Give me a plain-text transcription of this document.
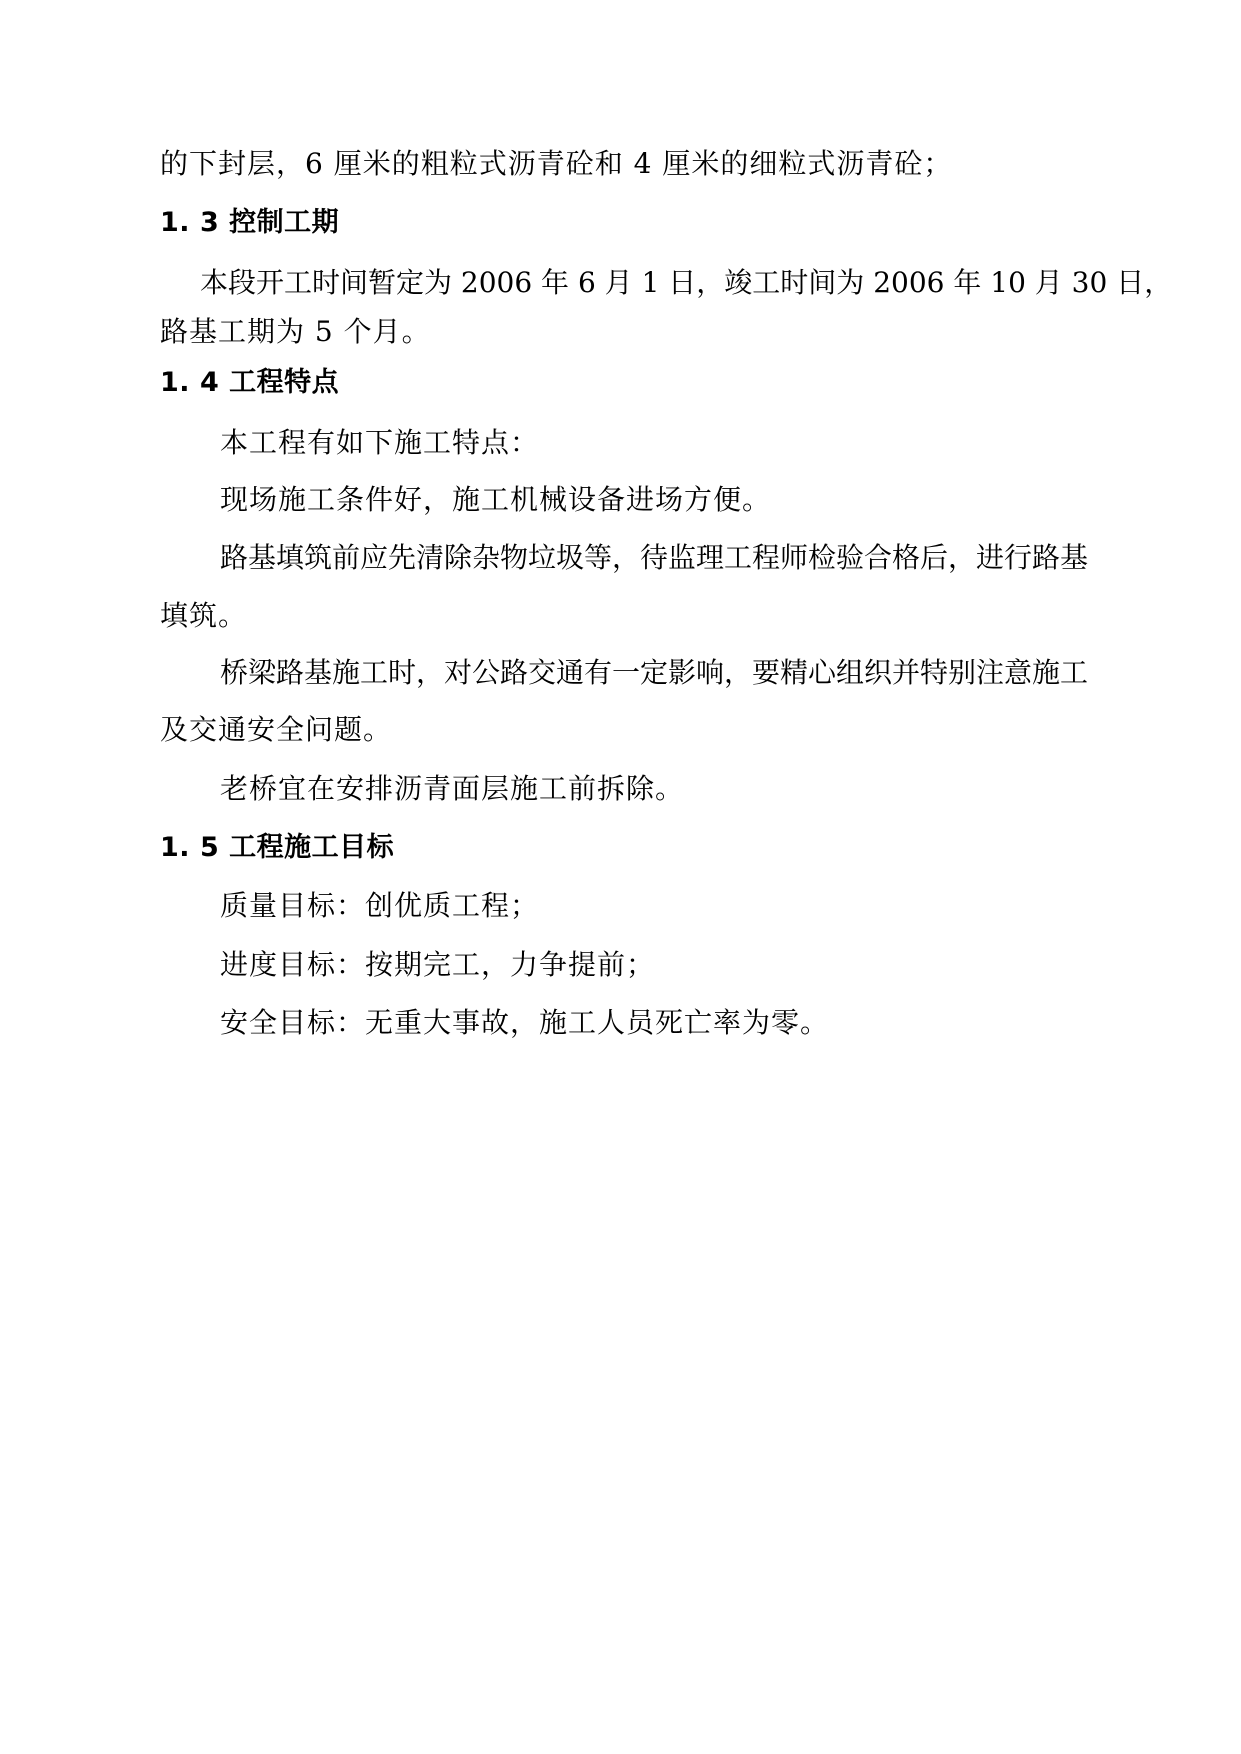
的下封层，6 厘米的粗粒式沥青砼和 4 厘米的细粒式沥青砼；
1. 3 控制工期
本段开工时间暂定为 2006 年 6 月 1 日，竣工时间为 2006 年 10 月 30 日，
路基工期为 5 个月。
1. 4 工程特点
本工程有如下施工特点：
现场施工条件好，施工机械设备进场方便。
路基填筑前应先清除杂物垃圾等，待监理工程师检验合格后，进行路基
填筑。
桥梁路基施工时，对公路交通有一定影响，要精心组织并特别注意施工
及交通安全问题。
老桥宜在安排沥青面层施工前拆除。
1. 5 工程施工目标
质量目标：创优质工程；
进度目标：按期完工，力争提前；
安全目标：无重大事故，施工人员死亡率为零。
